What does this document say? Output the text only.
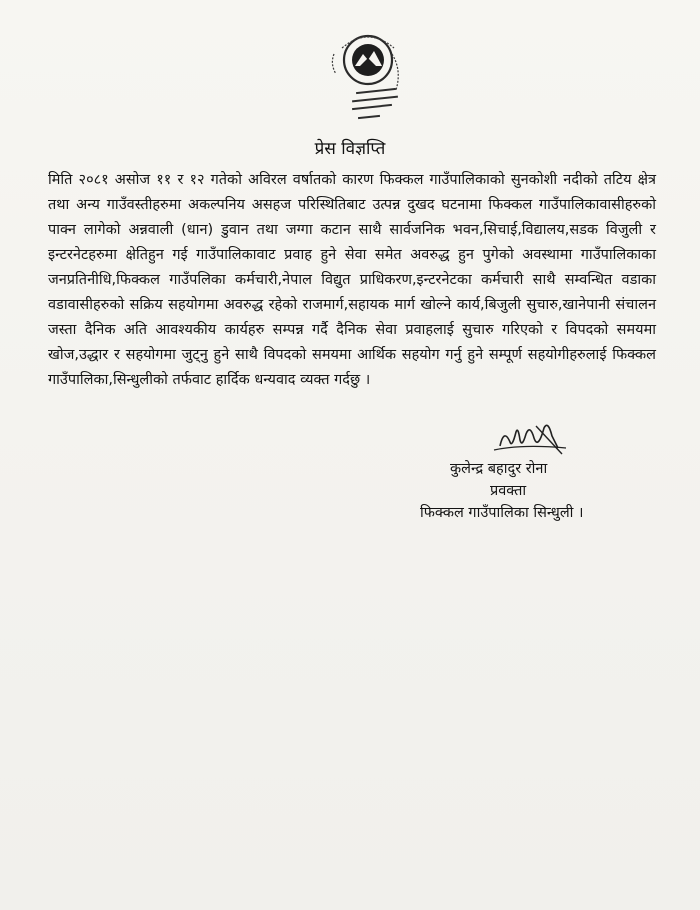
प्रेस विज्ञप्ति

मिति २०८१ असोज ११ र १२ गतेको अविरल वर्षातको कारण फिक्कल गाउँपालिकाको सुनकोशी नदीको तटिय क्षेत्र तथा अन्य गाउँवस्तीहरुमा अकल्पनिय असहज परिस्थितिबाट उत्पन्न दुखद घटनामा फिक्कल गाउँपालिकावासीहरुको पाक्न लागेको अन्नवाली (धान) डुवान तथा जग्गा कटान साथै सार्वजनिक भवन,सिचाई,विद्यालय,सडक विजुली र इन्टरनेटहरुमा क्षेतिहुन गई गाउँपालिकावाट प्रवाह हुने सेवा समेत अवरुद्ध हुन पुगेको अवस्थामा गाउँपालिकाका जनप्रतिनीधि,फिक्कल गाउँपलिका कर्मचारी,नेपाल विद्युत प्राधिकरण,इन्टरनेटका कर्मचारी साथै सम्वन्धित वडाका वडावासीहरुको सक्रिय सहयोगमा अवरुद्ध रहेको राजमार्ग,सहायक मार्ग खोल्ने कार्य,बिजुली सुचारु,खानेपानी संचालन जस्ता दैनिक अति आवश्यकीय कार्यहरु सम्पन्न गर्दै दैनिक सेवा प्रवाहलाई सुचारु गरिएको र विपदको समयमा खोज,उद्धार र सहयोगमा जुट्नु हुने साथै विपदको समयमा आर्थिक सहयोग गर्नु हुने सम्पूर्ण सहयोगीहरुलाई फिक्कल गाउँपालिका,सिन्धुलीको तर्फवाट हार्दिक धन्यवाद व्यक्त गर्दछु ।

कुलेन्द्र बहादुर रोना
प्रवक्ता
फिक्कल गाउँपालिका सिन्धुली ।
